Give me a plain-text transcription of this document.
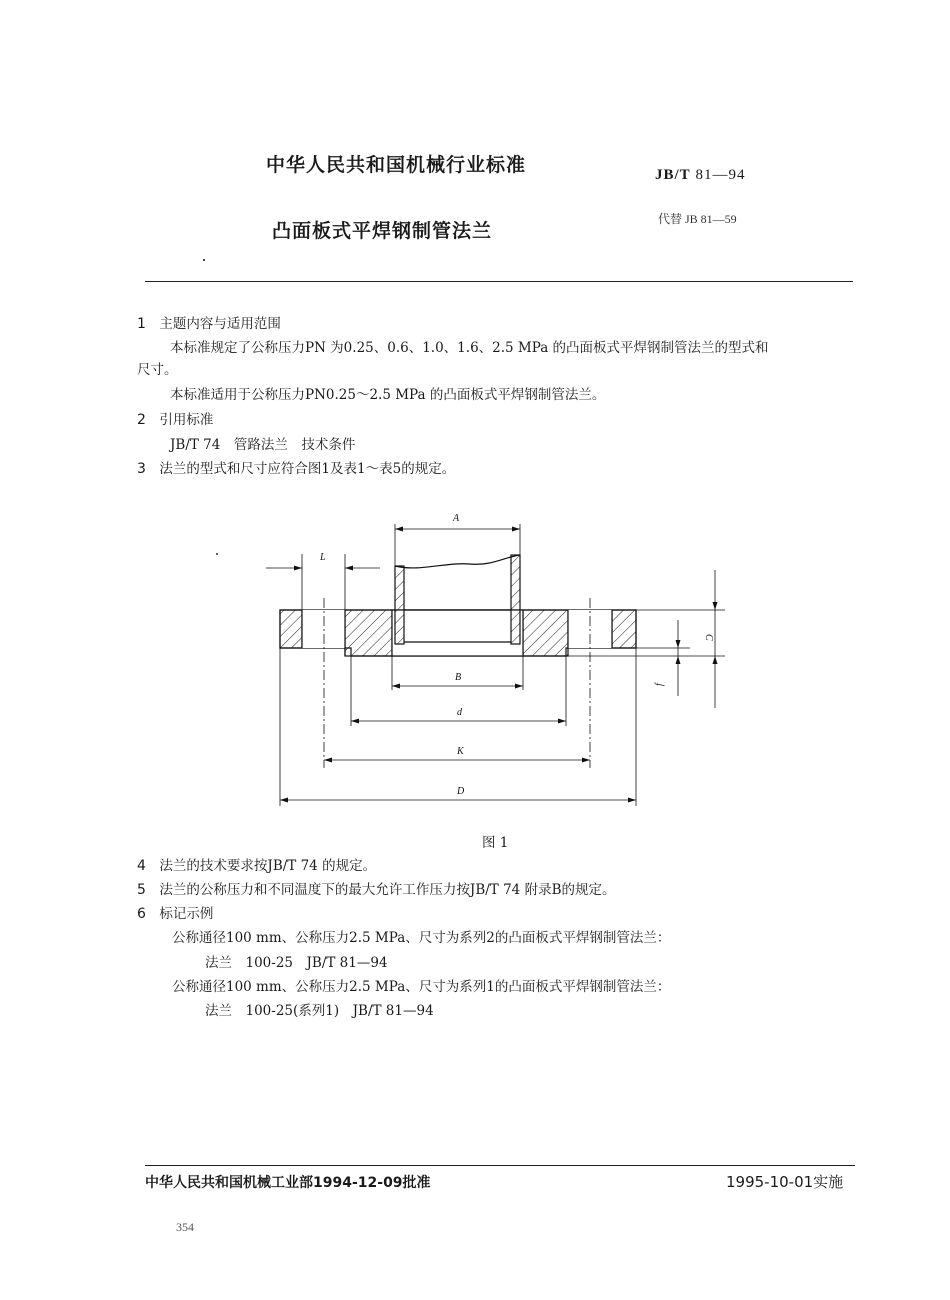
中华人民共和国机械行业标准	JB/T 81—94
凸面板式平焊钢制管法兰
代替 JB 81—59
1　 主题内容与适用范围
本标准规定了公称压力PN 为0.25、0.6、1.0、1.6、2.5 MPa 的凸面板式平焊钢制管法兰的型式和
尺寸。
本标准适用于公称压力PN0.25～2.5 MPa 的凸面板式平焊钢制管法兰。
2　 引用标准
JB/T 74　 管路法兰　技术条件
3　 法兰的型式和尺寸应符合图1及表1～表5的规定。
A
L
B
d
K
D
C
f
图 1
4　 法兰的技术要求按JB/T 74 的规定。
5　 法兰的公称压力和不同温度下的最大允许工作压力按JB/T 74 附录B的规定。
6　 标记示例
公称通径100 mm、公称压力2.5 MPa、尺寸为系列2的凸面板式平焊钢制管法兰：
法兰　100-25　JB/T 81—94
公称通径100 mm、公称压力2.5 MPa、尺寸为系列1的凸面板式平焊钢制管法兰：
法兰　100-25(系列1)　JB/T 81—94
中华人民共和国机械工业部1994-12-09批准	1995-10-01实施
354
